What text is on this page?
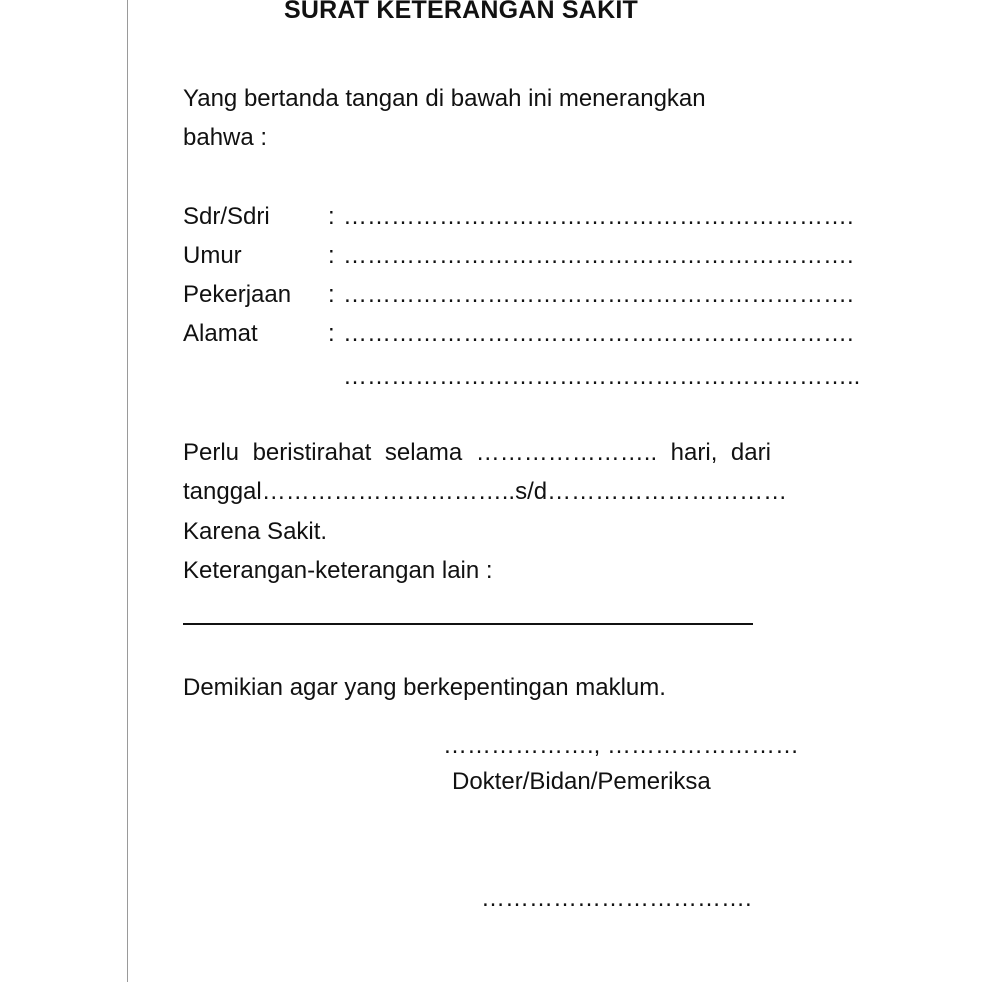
SURAT KETERANGAN SAKIT
Yang bertanda tangan di bawah ini menerangkan
bahwa :
Sdr/Sdri : ……………………………………………………….
Umur	: ……………………………………………………….
Pekerjaan : ……………………………………………………….
Alamat	: ……………………………………………………….
………………………………………………………..
Perlu beristirahat selama ………………….. hari, dari
tanggal ………………………….. s/d …………………………
Karena Sakit.
Keterangan-keterangan lain :
Demikian agar yang berkepentingan maklum.
………………., ……………………
Dokter/Bidan/Pemeriksa
…………………………….
